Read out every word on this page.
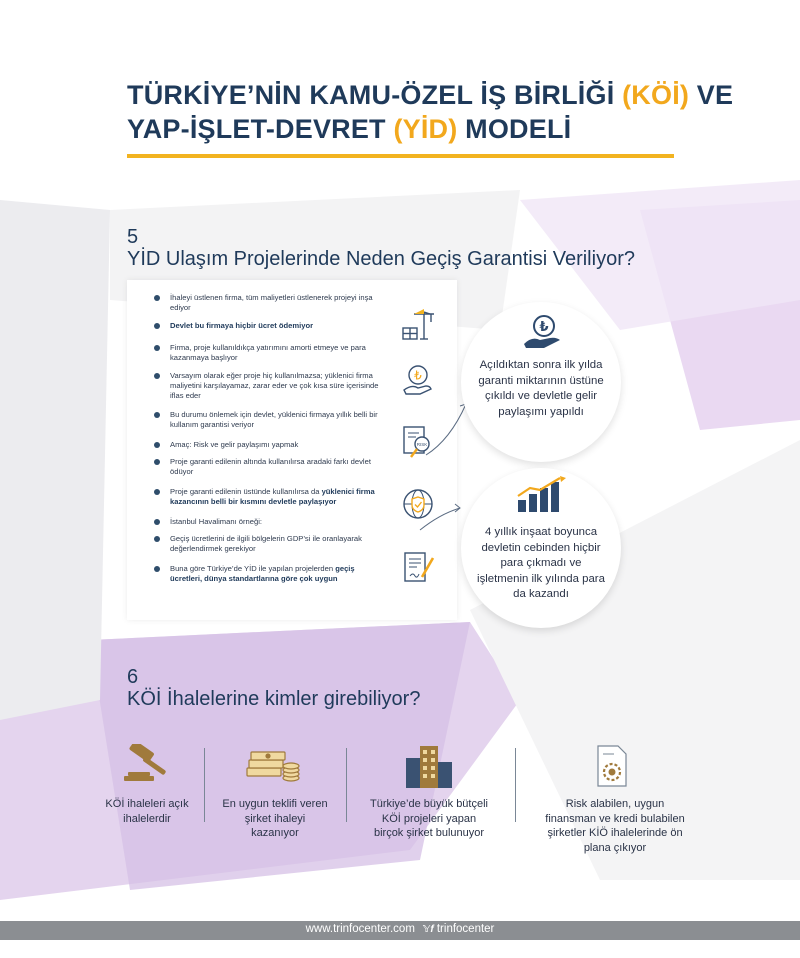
TÜRKİYE’NİN KAMU-ÖZEL İŞ BİRLİĞİ (KÖİ) VE
YAP-İŞLET-DEVRET (YİD) MODELİ
5
YİD Ulaşım Projelerinde Neden Geçiş Garantisi Veriliyor?
İhaleyi üstlenen firma, tüm maliyetleri üstlenerek projeyi inşa ediyor
Devlet bu firmaya hiçbir ücret ödemiyor
Firma, proje kullanıldıkça yatırımını amorti etmeye ve para kazanmaya başlıyor
Varsayım olarak eğer proje hiç kullanılmazsa; yüklenici firma maliyetini karşılayamaz, zarar eder ve çok kısa süre içerisinde iflas eder
Bu durumu önlemek için devlet, yüklenici firmaya yıllık belli bir kullanım garantisi veriyor
Amaç: Risk ve gelir paylaşımı yapmak
Proje garanti edilenin altında kullanılırsa aradaki farkı devlet ödüyor
Proje garanti edilenin üstünde kullanılırsa da yüklenici firma kazancının belli bir kısmını devletle paylaşıyor
İstanbul Havalimanı örneği:
Geçiş ücretlerini de ilgili bölgelerin GDP’si ile oranlayarak değerlendirmek gerekiyor
Buna göre Türkiye’de YİD ile yapılan projelerden geçiş ücretleri, dünya standartlarına göre çok uygun
₺
RISK
₺
Açıldıktan sonra ilk yılda garanti miktarının üstüne çıkıldı ve devletle gelir paylaşımı yapıldı
4 yıllık inşaat boyunca devletin cebinden hiçbir para çıkmadı ve işletmenin ilk yılında para da kazandı
6
KÖİ İhalelerine kimler girebiliyor?
KÖİ ihaleleri açık ihalelerdir
En uygun teklifi veren şirket ihaleyi kazanıyor
Türkiye’de büyük bütçeli KÖİ projeleri yapan birçok şirket bulunuyor
Risk alabilen, uygun finansman ve kredi bulabilen şirketler KİÖ ihalelerinde ön plana çıkıyor
www.trinfocenter.com 𝕐f trinfocenter
